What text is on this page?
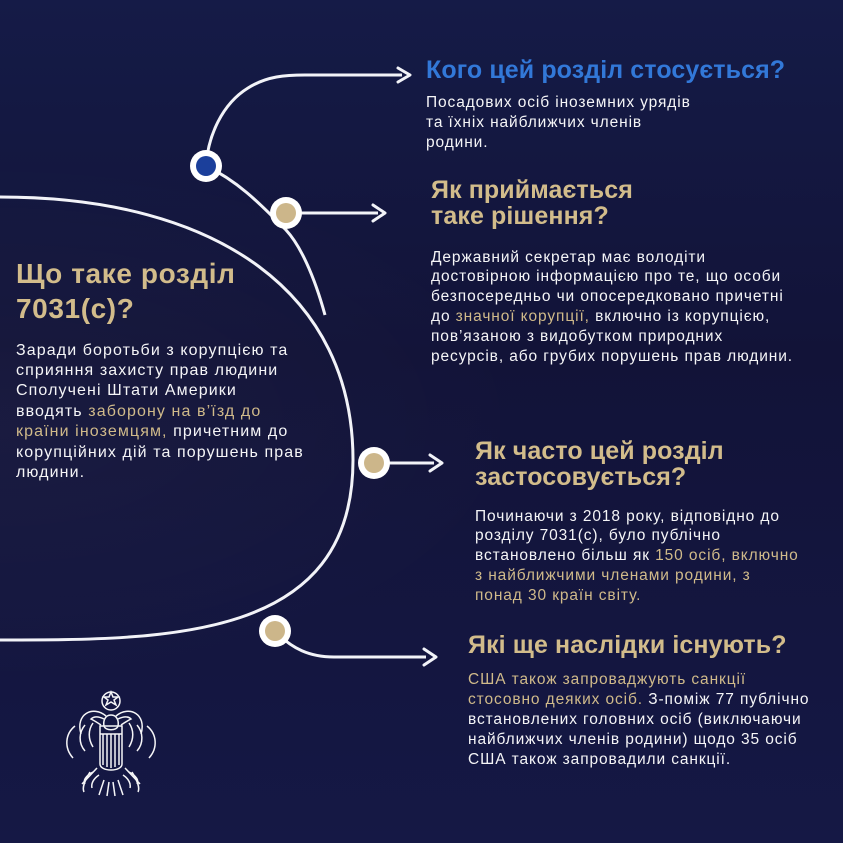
Що таке розділ 7031(c)?

Заради боротьби з корупцією та сприяння захисту прав людини Сполучені Штати Америки вводять заборону на в’їзд до країни іноземцям, причетним до корупційних дій та порушень прав людини.

Кого цей розділ стосується?

Посадових осіб іноземних урядів та їхніх найближчих членів родини.

Як приймається таке рішення?

Державний секретар має володіти достовірною інформацією про те, що особи безпосередньо чи опосередковано причетні до значної корупції, включно із корупцією, пов’язаною з видобутком природних ресурсів, або грубих порушень прав людини.

Як часто цей розділ застосовується?

Починаючи з 2018 року, відповідно до розділу 7031(c), було публічно встановлено більш як 150 осіб, включно з найближчими членами родини, з понад 30 країн світу.

Які ще наслідки існують?

США також запроваджують санкції стосовно деяких осіб. З-поміж 77 публічно встановлених головних осіб (виключаючи найближчих членів родини) щодо 35 осіб США також запровадили санкції.
